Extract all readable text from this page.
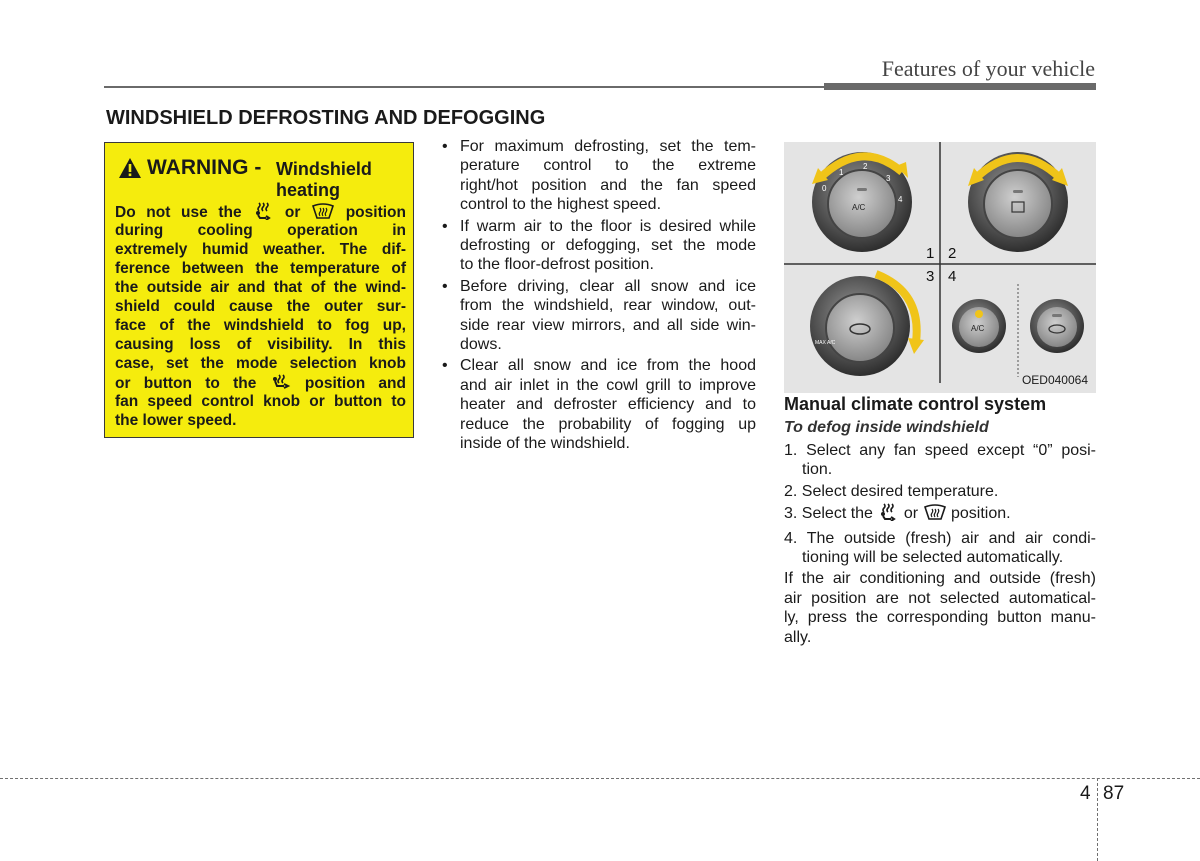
Features of your vehicle
WINDSHIELD DEFROSTING AND DEFOGGING
WARNING - Windshield
heating
Do not use the	or	position
during cooling operation in
extremely humid weather. The dif-
ference between the temperature of
the outside air and that of the wind-
shield could cause the outer sur-
face of the windshield to fog up,
causing loss of visibility. In this
case, set the mode selection knob
or button to the	position and
fan speed control knob or button to
the lower speed.
• For maximum defrosting, set the tem-
perature control to the extreme
right/hot position and the fan speed
control to the highest speed.
• If warm air to the floor is desired while
defrosting or defogging, set the mode
to the floor-defrost position.
• Before driving, clear all snow and ice
from the windshield, rear window, out-
side rear view mirrors, and all side win-
dows.
• Clear all snow and ice from the hood
and air inlet in the cowl grill to improve
heater and defroster efficiency and to
reduce the probability of fogging up
inside of the windshield.
A/C
0
1
2
3
4
MAX A/C
A/C
1 2
3 4
OED040064
Manual climate control system
To defog inside windshield
1. Select any fan speed except “0” posi-
tion.
2. Select desired temperature.
3. Select the or position.
4. The outside (fresh) air and air condi-
tioning will be selected automatically.
If the air conditioning and outside (fresh)
air position are not selected automatical-
ly, press the corresponding button manu-
ally.
4 87
